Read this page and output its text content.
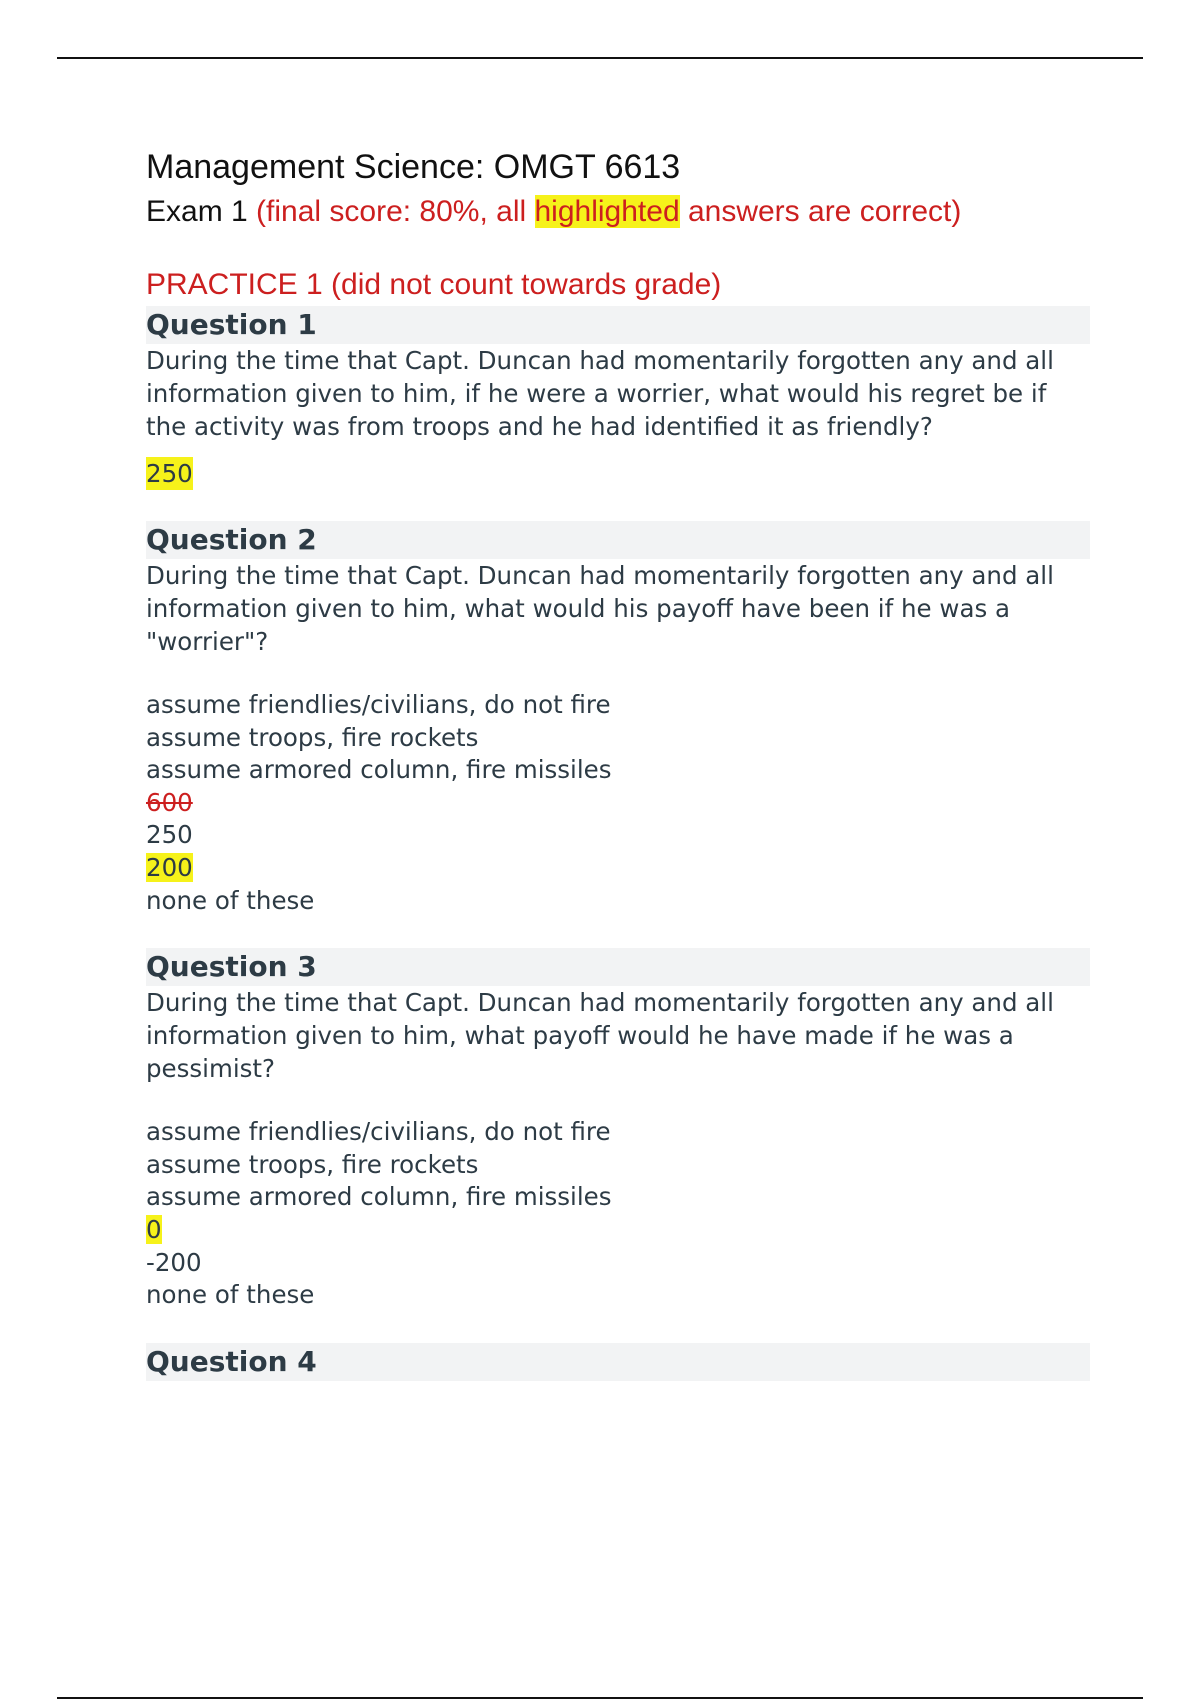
Management Science: OMGT 6613
Exam 1 (final score: 80%, all highlighted answers are correct)
PRACTICE 1 (did not count towards grade)
Question 1
During the time that Capt. Duncan had momentarily forgotten any and all information given to him, if he were a worrier, what would his regret be if the activity was from troops and he had identified it as friendly?
250
Question 2
During the time that Capt. Duncan had momentarily forgotten any and all information given to him, what would his payoff have been if he was a "worrier"?
assume friendlies/civilians, do not fire
assume troops, fire rockets
assume armored column, fire missiles
600
250
200
none of these
Question 3
During the time that Capt. Duncan had momentarily forgotten any and all information given to him, what payoff would he have made if he was a pessimist?
assume friendlies/civilians, do not fire
assume troops, fire rockets
assume armored column, fire missiles
0
-200
none of these
Question 4
